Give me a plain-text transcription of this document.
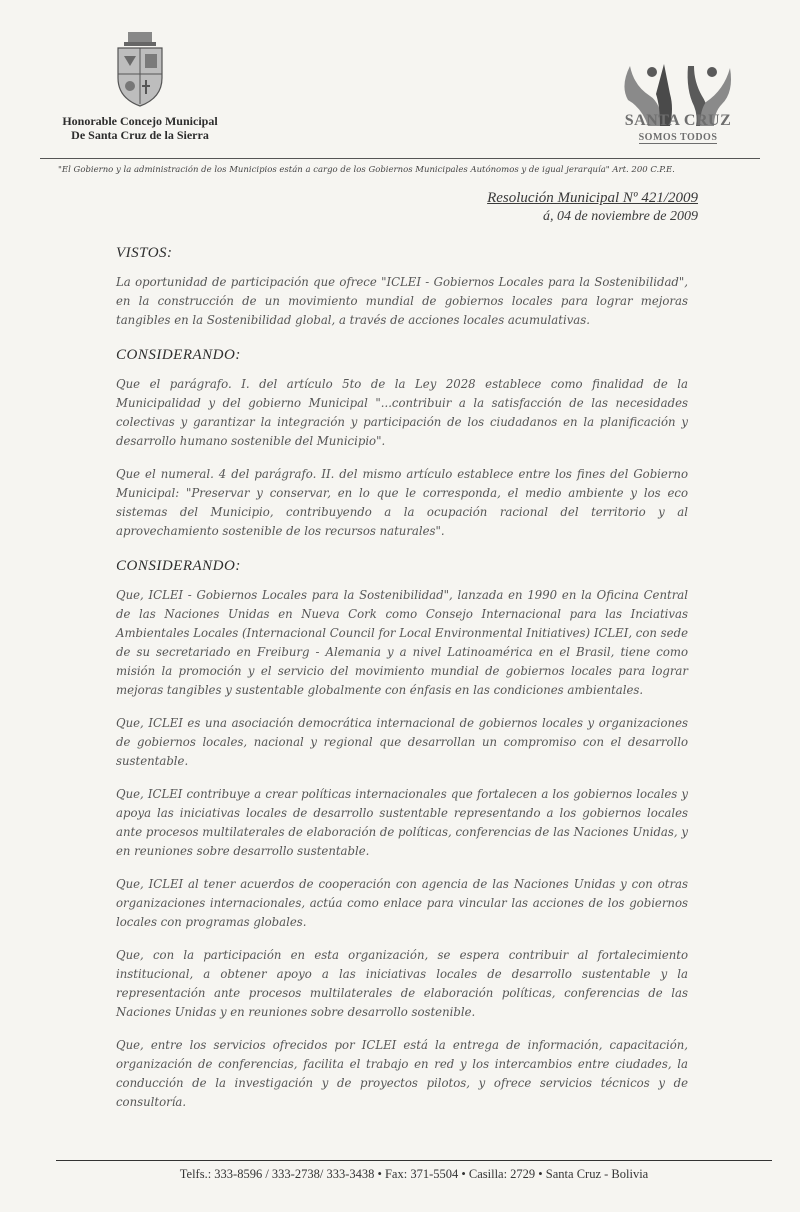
Honorable Concejo Municipal
De Santa Cruz de la Sierra
SANTA CRUZ
SOMOS TODOS
"El Gobierno y la administración de los Municipios están a cargo de los Gobiernos Municipales Autónomos y de igual jerarquía" Art. 200 C.P.E.
Resolución Municipal Nº 421/2009
á, 04 de noviembre de 2009
VISTOS:

La oportunidad de participación que ofrece "ICLEI - Gobiernos Locales para la Sostenibilidad", en la construcción de un movimiento mundial de gobiernos locales para lograr mejoras tangibles en la Sostenibilidad global, a través de acciones locales acumulativas.

CONSIDERANDO:

Que el parágrafo. I. del artículo 5to de la Ley 2028 establece como finalidad de la Municipalidad y del gobierno Municipal "...contribuir a la satisfacción de las necesidades colectivas y garantizar la integración y participación de los ciudadanos en la planificación y desarrollo humano sostenible del Municipio".

Que el numeral. 4 del parágrafo. II. del mismo artículo establece entre los fines del Gobierno Municipal: "Preservar y conservar, en lo que le corresponda, el medio ambiente y los eco sistemas del Municipio, contribuyendo a la ocupación racional del territorio y al aprovechamiento sostenible de los recursos naturales".

CONSIDERANDO:

Que, ICLEI - Gobiernos Locales para la Sostenibilidad", lanzada en 1990 en la Oficina Central de las Naciones Unidas en Nueva Cork como Consejo Internacional para las Inciativas Ambientales Locales (Internacional Council for Local Environmental Initiatives) ICLEI, con sede de su secretariado en Freiburg - Alemania y a nivel Latinoamérica en el Brasil, tiene como misión la promoción y el servicio del movimiento mundial de gobiernos locales para lograr mejoras tangibles y sustentable globalmente con énfasis en las condiciones ambientales.

Que, ICLEI es una asociación democrática internacional de gobiernos locales y organizaciones de gobiernos locales, nacional y regional que desarrollan un compromiso con el desarrollo sustentable.

Que, ICLEI contribuye a crear políticas internacionales que fortalecen a los gobiernos locales y apoya las iniciativas locales de desarrollo sustentable representando a los gobiernos locales ante procesos multilaterales de elaboración de políticas, conferencias de las Naciones Unidas, y en reuniones sobre desarrollo sustentable.

Que, ICLEI al tener acuerdos de cooperación con agencia de las Naciones Unidas y con otras organizaciones internacionales, actúa como enlace para vincular las acciones de los gobiernos locales con programas globales.

Que, con la participación en esta organización, se espera contribuir al fortalecimiento institucional, a obtener apoyo a las iniciativas locales de desarrollo sustentable y la representación ante procesos multilaterales de elaboración políticas, conferencias de las Naciones Unidas y en reuniones sobre desarrollo sostenible.

Que, entre los servicios ofrecidos por ICLEI está la entrega de información, capacitación, organización de conferencias, facilita el trabajo en red y los intercambios entre ciudades, la conducción de la investigación y de proyectos pilotos, y ofrece servicios técnicos y de consultoría.

Telfs.: 333-8596 / 333-2738/ 333-3438 • Fax: 371-5504 • Casilla: 2729 • Santa Cruz - Bolivia
